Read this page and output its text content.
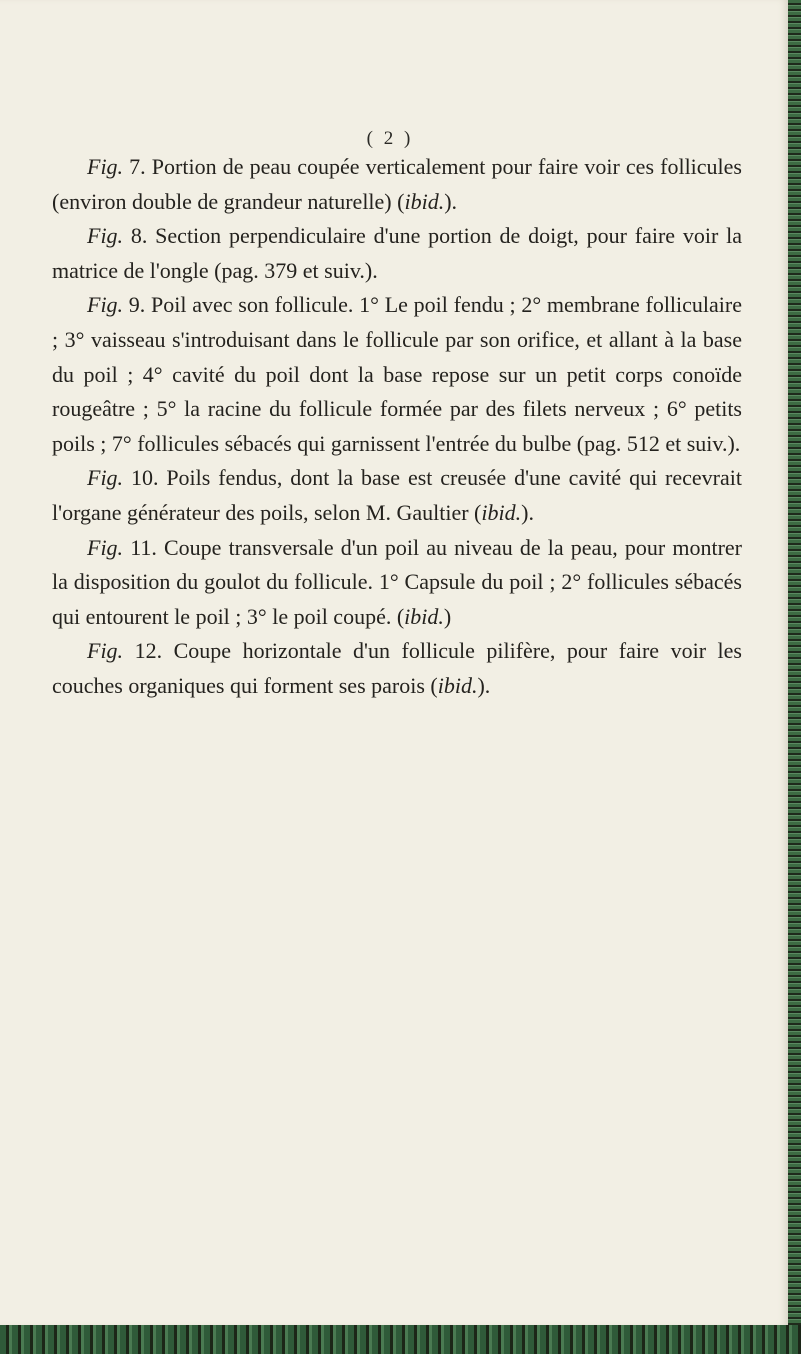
( 2 )

Fig. 7. Portion de peau coupée verticalement pour faire voir ces follicules (environ double de grandeur naturelle) (ibid.).

Fig. 8. Section perpendiculaire d'une portion de doigt, pour faire voir la matrice de l'ongle (pag. 379 et suiv.).

Fig. 9. Poil avec son follicule. 1° Le poil fendu ; 2° membrane folliculaire ; 3° vaisseau s'introduisant dans le follicule par son orifice, et allant à la base du poil ; 4° cavité du poil dont la base repose sur un petit corps conoïde rougeâtre ; 5° la racine du follicule formée par des filets nerveux ; 6° petits poils ; 7° follicules sébacés qui garnissent l'entrée du bulbe (pag. 512 et suiv.).

Fig. 10. Poils fendus, dont la base est creusée d'une cavité qui recevrait l'organe générateur des poils, selon M. Gaultier (ibid.).

Fig. 11. Coupe transversale d'un poil au niveau de la peau, pour montrer la disposition du goulot du follicule. 1° Capsule du poil ; 2° follicules sébacés qui entourent le poil ; 3° le poil coupé. (ibid.)

Fig. 12. Coupe horizontale d'un follicule pilifère, pour faire voir les couches organiques qui forment ses parois (ibid.).
